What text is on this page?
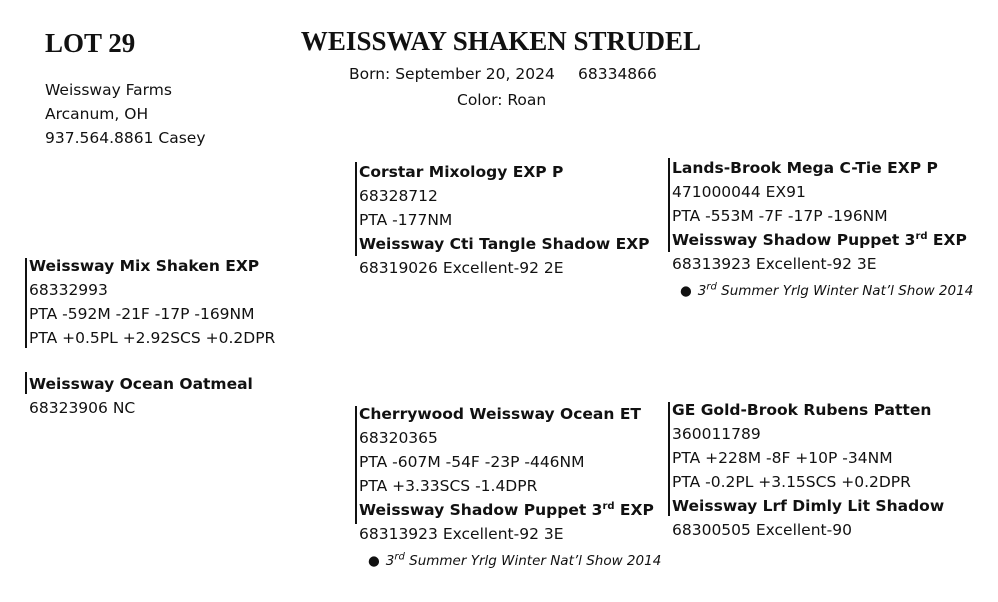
LOT 29	WEISSWAY SHAKEN STRUDEL
Weissway Farms
Arcanum, OH
937.564.8861 Casey
Born: September 20, 2024 68334866
Color: Roan
Weissway Mix Shaken EXP
68332993
PTA -592M -21F -17P -169NM
PTA +0.5PL +2.92SCS +0.2DPR
Weissway Ocean Oatmeal
68323906 NC
Corstar Mixology EXP P
68328712
PTA -177NM
Weissway Cti Tangle Shadow EXP
68319026 Excellent-92 2E
Lands-Brook Mega C-Tie EXP P
471000044 EX91
PTA -553M -7F -17P -196NM
Weissway Shadow Puppet 3rd EXP
68313923 Excellent-92 3E
● 3rd Summer Yrlg Winter Nat’l Show 2014
Cherrywood Weissway Ocean ET
68320365
PTA -607M -54F -23P -446NM
PTA +3.33SCS -1.4DPR
Weissway Shadow Puppet 3rd EXP
68313923 Excellent-92 3E
● 3rd Summer Yrlg Winter Nat’l Show 2014
GE Gold-Brook Rubens Patten
360011789
PTA +228M -8F +10P -34NM
PTA -0.2PL +3.15SCS +0.2DPR
Weissway Lrf Dimly Lit Shadow
68300505 Excellent-90
